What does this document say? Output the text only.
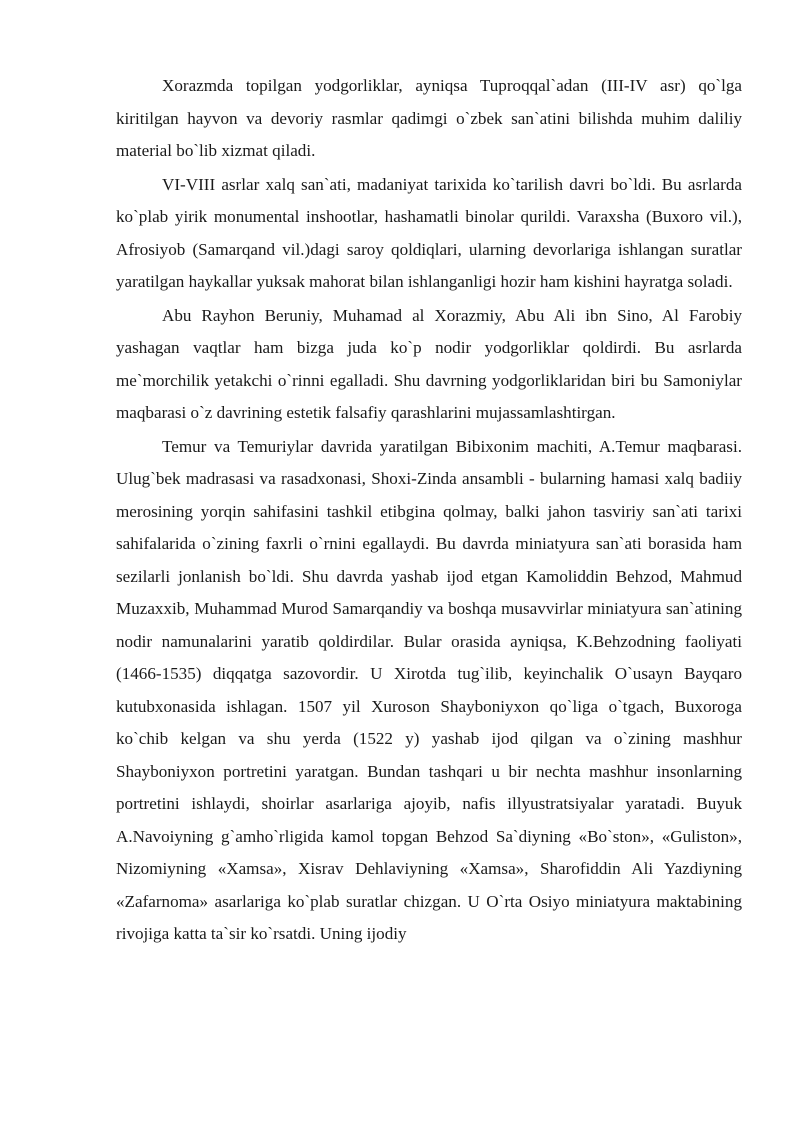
Xorazmda topilgan yodgorliklar, ayniqsa Tuproqqal`adan (III-IV asr) qo`lga kiritilgan hayvon va devoriy rasmlar qadimgi o`zbek san`atini bilishda muhim daliliy material bo`lib xizmat qiladi.

VI-VIII asrlar xalq san`ati, madaniyat tarixida ko`tarilish davri bo`ldi. Bu asrlarda ko`plab yirik monumental inshootlar, hashamatli binolar qurildi. Varaxsha (Buxoro vil.), Afrosiyob (Samarqand vil.)dagi saroy qoldiqlari, ularning devorlariga ishlangan suratlar yaratilgan haykallar yuksak mahorat bilan ishlanganligi hozir ham kishini hayratga soladi.

Abu Rayhon Beruniy, Muhamad al Xorazmiy, Abu Ali ibn Sino, Al Farobiy yashagan vaqtlar ham bizga juda ko`p nodir yodgorliklar qoldirdi. Bu asrlarda me`morchilik yetakchi o`rinni egalladi. Shu davrning yodgorliklaridan biri bu Samoniylar maqbarasi o`z davrining estetik falsafiy qarashlarini mujassamlashtirgan.

Temur va Temuriylar davrida yaratilgan Bibixonim machiti, A.Temur maqbarasi. Ulug`bek madrasasi va rasadxonasi, Shoxi-Zinda ansambli - bularning hamasi xalq badiiy merosining yorqin sahifasini tashkil etibgina qolmay, balki jahon tasviriy san`ati tarixi sahifalarida o`zining faxrli o`rnini egallaydi. Bu davrda miniatyura san`ati borasida ham sezilarli jonlanish bo`ldi. Shu davrda yashab ijod etgan Kamoliddin Behzod, Mahmud Muzaxxib, Muhammad Murod Samarqandiy va boshqa musavvirlar miniatyura san`atining nodir namunalarini yaratib qoldirdilar. Bular orasida ayniqsa, K.Behzodning faoliyati (1466-1535) diqqatga sazovordir. U Xirotda tug`ilib, keyinchalik O`usayn Bayqaro kutubxonasida ishlagan. 1507 yil Xuroson Shayboniyxon qo`liga o`tgach, Buxoroga ko`chib kelgan va shu yerda (1522 y) yashab ijod qilgan va o`zining mashhur Shayboniyxon portretini yaratgan. Bundan tashqari u bir nechta mashhur insonlarning portretini ishlaydi, shoirlar asarlariga ajoyib, nafis illyustratsiyalar yaratadi. Buyuk A.Navoiyning g`amho`rligida kamol topgan Behzod Sa`diyning «Bo`ston», «Guliston», Nizomiyning «Xamsa», Xisrav Dehlaviyning «Xamsa», Sharofiddin Ali Yazdiyning «Zafarnoma» asarlariga ko`plab suratlar chizgan. U O`rta Osiyo miniatyura maktabining rivojiga katta ta`sir ko`rsatdi. Uning ijodiy
